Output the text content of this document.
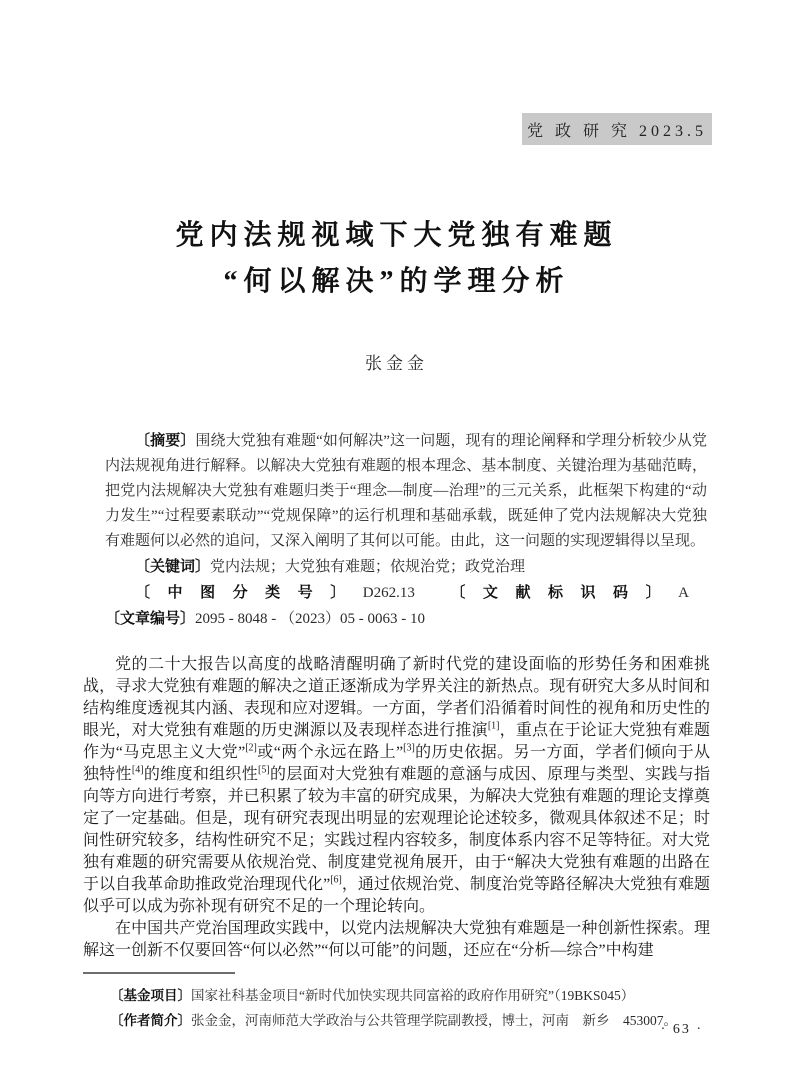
党 政 研 究 2023.5
党内法规视域下大党独有难题
“何以解决”的学理分析
张金金

〔摘要〕围绕大党独有难题“如何解决”这一问题，现有的理论阐释和学理分析较少从党内法规视角进行解释。以解决大党独有难题的根本理念、基本制度、关键治理为基础范畴，把党内法规解决大党独有难题归类于“理念—制度—治理”的三元关系，此框架下构建的“动力发生”“过程要素联动”“党规保障”的运行机理和基础承载，既延伸了党内法规解决大党独有难题何以必然的追问，又深入阐明了其何以可能。由此，这一问题的实现逻辑得以呈现。

〔关键词〕党内法规；大党独有难题；依规治党；政党治理

〔中图分类号〕D262.13 〔文献标识码〕A〔文章编号〕2095 - 8048 - （2023）05 - 0063 - 10

党的二十大报告以高度的战略清醒明确了新时代党的建设面临的形势任务和困难挑战，寻求大党独有难题的解决之道正逐渐成为学界关注的新热点。现有研究大多从时间和结构维度透视其内涵、表现和应对逻辑。一方面，学者们沿循着时间性的视角和历史性的眼光，对大党独有难题的历史渊源以及表现样态进行推演[1]，重点在于论证大党独有难题作为“马克思主义大党”[2]或“两个永远在路上”[3]的历史依据。另一方面，学者们倾向于从独特性[4]的维度和组织性[5]的层面对大党独有难题的意涵与成因、原理与类型、实践与指向等方向进行考察，并已积累了较为丰富的研究成果，为解决大党独有难题的理论支撑奠定了一定基础。但是，现有研究表现出明显的宏观理论论述较多，微观具体叙述不足；时间性研究较多，结构性研究不足；实践过程内容较多，制度体系内容不足等特征。对大党独有难题的研究需要从依规治党、制度建党视角展开，由于“解决大党独有难题的出路在于以自我革命助推政党治理现代化”[6]，通过依规治党、制度治党等路径解决大党独有难题似乎可以成为弥补现有研究不足的一个理论转向。

在中国共产党治国理政实践中，以党内法规解决大党独有难题是一种创新性探索。理解这一创新不仅要回答“何以必然”“何以可能”的问题，还应在“分析—综合”中构建

〔基金项目〕国家社科基金项目“新时代加快实现共同富裕的政府作用研究”（19BKS045）

〔作者简介〕张金金，河南师范大学政治与公共管理学院副教授，博士，河南　新乡　453007。

· 63 ·
